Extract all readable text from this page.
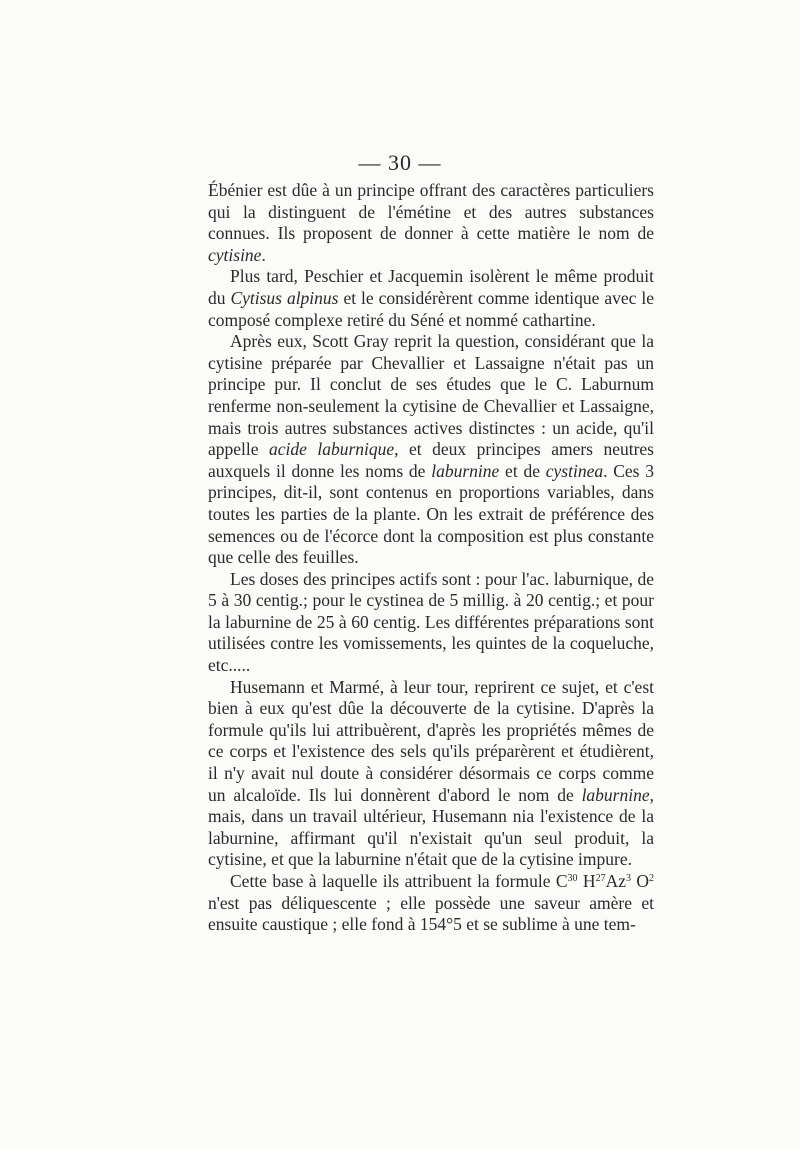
— 30 —

Ébénier est dûe à un principe offrant des caractères particuliers qui la distinguent de l'émétine et des autres substances connues. Ils proposent de donner à cette matière le nom de cytisine.

Plus tard, Peschier et Jacquemin isolèrent le même produit du Cytisus alpinus et le considérèrent comme identique avec le composé complexe retiré du Séné et nommé cathartine.

Après eux, Scott Gray reprit la question, considérant que la cytisine préparée par Chevallier et Lassaigne n'était pas un principe pur. Il conclut de ses études que le C. Laburnum renferme non-seulement la cytisine de Chevallier et Lassaigne, mais trois autres substances actives distinctes : un acide, qu'il appelle acide laburnique, et deux principes amers neutres auxquels il donne les noms de laburnine et de cystinea. Ces 3 principes, dit-il, sont contenus en proportions variables, dans toutes les parties de la plante. On les extrait de préférence des semences ou de l'écorce dont la composition est plus constante que celle des feuilles.

Les doses des principes actifs sont : pour l'ac. laburnique, de 5 à 30 centig.; pour le cystinea de 5 millig. à 20 centig.; et pour la laburnine de 25 à 60 centig. Les différentes préparations sont utilisées contre les vomissements, les quintes de la coqueluche, etc.....

Husemann et Marmé, à leur tour, reprirent ce sujet, et c'est bien à eux qu'est dûe la découverte de la cytisine. D'après la formule qu'ils lui attribuèrent, d'après les propriétés mêmes de ce corps et l'existence des sels qu'ils préparèrent et étudièrent, il n'y avait nul doute à considérer désormais ce corps comme un alcaloïde. Ils lui donnèrent d'abord le nom de laburnine, mais, dans un travail ultérieur, Husemann nia l'existence de la laburnine, affirmant qu'il n'existait qu'un seul produit, la cytisine, et que la laburnine n'était que de la cytisine impure.

Cette base à laquelle ils attribuent la formule $C^{30}$ $H^{27}Az^3$ $O^2$ n'est pas déliquescente ; elle possède une saveur amère et ensuite caustique ; elle fond à 154°5 et se sublime à une tem-
